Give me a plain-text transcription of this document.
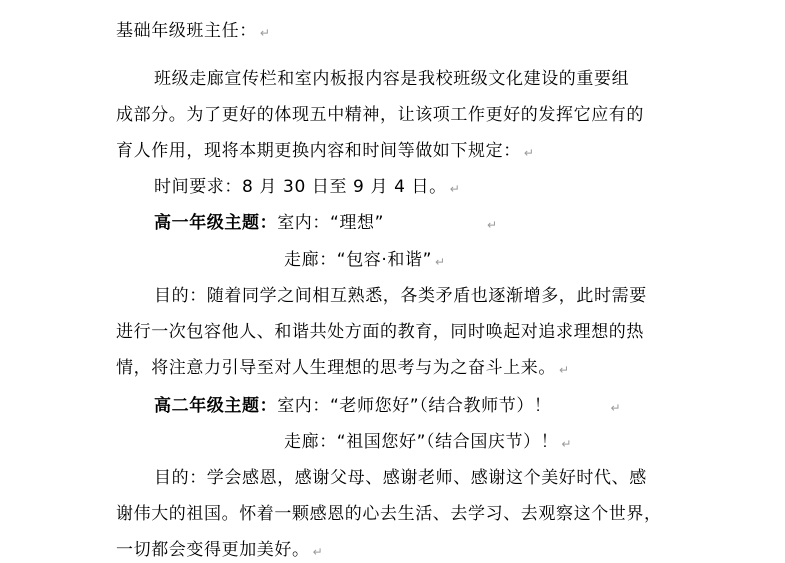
基础年级班主任： ↵
班级走廊宣传栏和室内板报内容是我校班级文化建设的重要组
成部分。为了更好的体现五中精神，让该项工作更好的发挥它应有的
育人作用，现将本期更换内容和时间等做如下规定： ↵
时间要求：8 月 30 日至 9 月 4 日。 ↵
高一年级主题：室内：“理想”	↵
走廊：“包容·和谐” ↵
目的：随着同学之间相互熟悉，各类矛盾也逐渐增多，此时需要
进行一次包容他人、和谐共处方面的教育，同时唤起对追求理想的热
情，将注意力引导至对人生理想的思考与为之奋斗上来。 ↵
高二年级主题：室内：“老师您好”（结合教师节）！	↵
走廊：“祖国您好”（结合国庆节）！ ↵
目的：学会感恩，感谢父母、感谢老师、感谢这个美好时代、感
谢伟大的祖国。怀着一颗感恩的心去生活、去学习、去观察这个世界，
一切都会变得更加美好。 ↵
